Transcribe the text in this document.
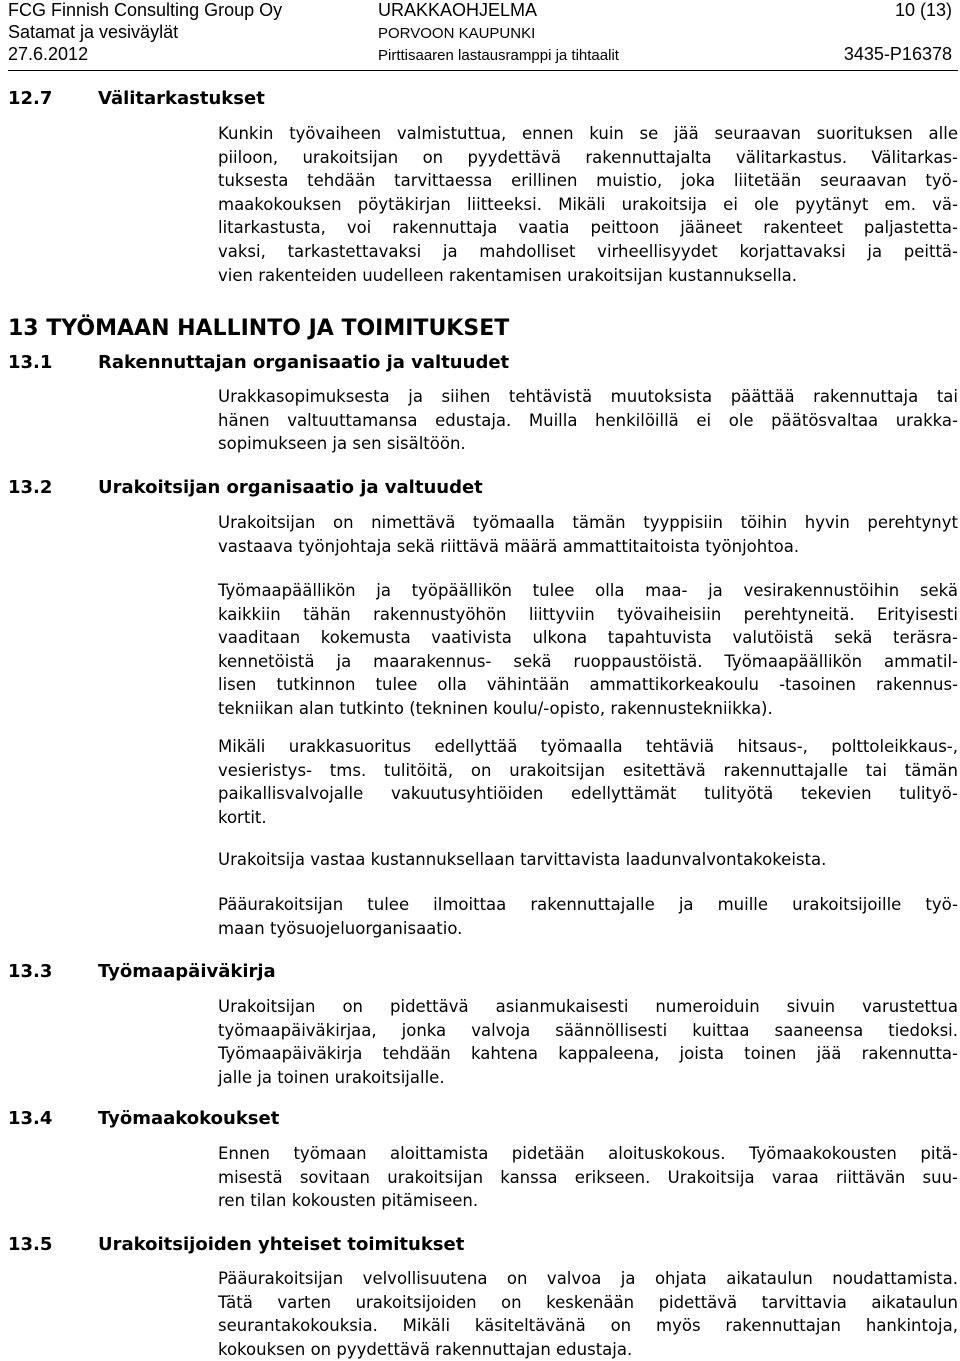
FCG Finnish Consulting Group Oy
Satamat ja vesiväylät
27.6.2012
URAKKAOHJELMA
PORVOON KAUPUNKI
Pirttisaaren lastausramppi ja tihtaalit
10 (13)
3435-P16378
12.7	Välitarkastukset
Kunkin työvaiheen valmistuttua, ennen kuin se jää seuraavan suorituksen alle
piiloon, urakoitsijan on pyydettävä rakennuttajalta välitarkastus. Välitarkas-
tuksesta tehdään tarvittaessa erillinen muistio, joka liitetään seuraavan työ-
maakokouksen pöytäkirjan liitteeksi. Mikäli urakoitsija ei ole pyytänyt em. vä-
litarkastusta, voi rakennuttaja vaatia peittoon jääneet rakenteet paljastetta-
vaksi, tarkastettavaksi ja mahdolliset virheellisyydet korjattavaksi ja peittä-
vien rakenteiden uudelleen rakentamisen urakoitsijan kustannuksella.
13 TYÖMAAN HALLINTO JA TOIMITUKSET
13.1	Rakennuttajan organisaatio ja valtuudet
Urakkasopimuksesta ja siihen tehtävistä muutoksista päättää rakennuttaja tai
hänen valtuuttamansa edustaja. Muilla henkilöillä ei ole päätösvaltaa urakka-
sopimukseen ja sen sisältöön.
13.2	Urakoitsijan organisaatio ja valtuudet
Urakoitsijan on nimettävä työmaalla tämän tyyppisiin töihin hyvin perehtynyt
vastaava työnjohtaja sekä riittävä määrä ammattitaitoista työnjohtoa.
Työmaapäällikön ja työpäällikön tulee olla maa- ja vesirakennustöihin sekä
kaikkiin tähän rakennustyöhön liittyviin työvaiheisiin perehtyneitä. Erityisesti
vaaditaan kokemusta vaativista ulkona tapahtuvista valutöistä sekä teräsra-
kennetöistä ja maarakennus- sekä ruoppaustöistä. Työmaapäällikön ammatil-
lisen tutkinnon tulee olla vähintään ammattikorkeakoulu -tasoinen rakennus-
tekniikan alan tutkinto (tekninen koulu/-opisto, rakennustekniikka).
Mikäli urakkasuoritus edellyttää työmaalla tehtäviä hitsaus-, polttoleikkaus-,
vesieristys- tms. tulitöitä, on urakoitsijan esitettävä rakennuttajalle tai tämän
paikallisvalvojalle vakuutusyhtiöiden edellyttämät tulityötä tekevien tulityö-
kortit.
Urakoitsija vastaa kustannuksellaan tarvittavista laadunvalvontakokeista.
Pääurakoitsijan tulee ilmoittaa rakennuttajalle ja muille urakoitsijoille työ-
maan työsuojeluorganisaatio.
13.3	Työmaapäiväkirja
Urakoitsijan on pidettävä asianmukaisesti numeroiduin sivuin varustettua
työmaapäiväkirjaa, jonka valvoja säännöllisesti kuittaa saaneensa tiedoksi.
Työmaapäiväkirja tehdään kahtena kappaleena, joista toinen jää rakennutta-
jalle ja toinen urakoitsijalle.
13.4	Työmaakokoukset
Ennen työmaan aloittamista pidetään aloituskokous. Työmaakokousten pitä-
misestä sovitaan urakoitsijan kanssa erikseen. Urakoitsija varaa riittävän suu-
ren tilan kokousten pitämiseen.
13.5	Urakoitsijoiden yhteiset toimitukset
Pääurakoitsijan velvollisuutena on valvoa ja ohjata aikataulun noudattamista.
Tätä varten urakoitsijoiden on keskenään pidettävä tarvittavia aikataulun
seurantakokouksia. Mikäli käsiteltävänä on myös rakennuttajan hankintoja,
kokouksen on pyydettävä rakennuttajan edustaja.
